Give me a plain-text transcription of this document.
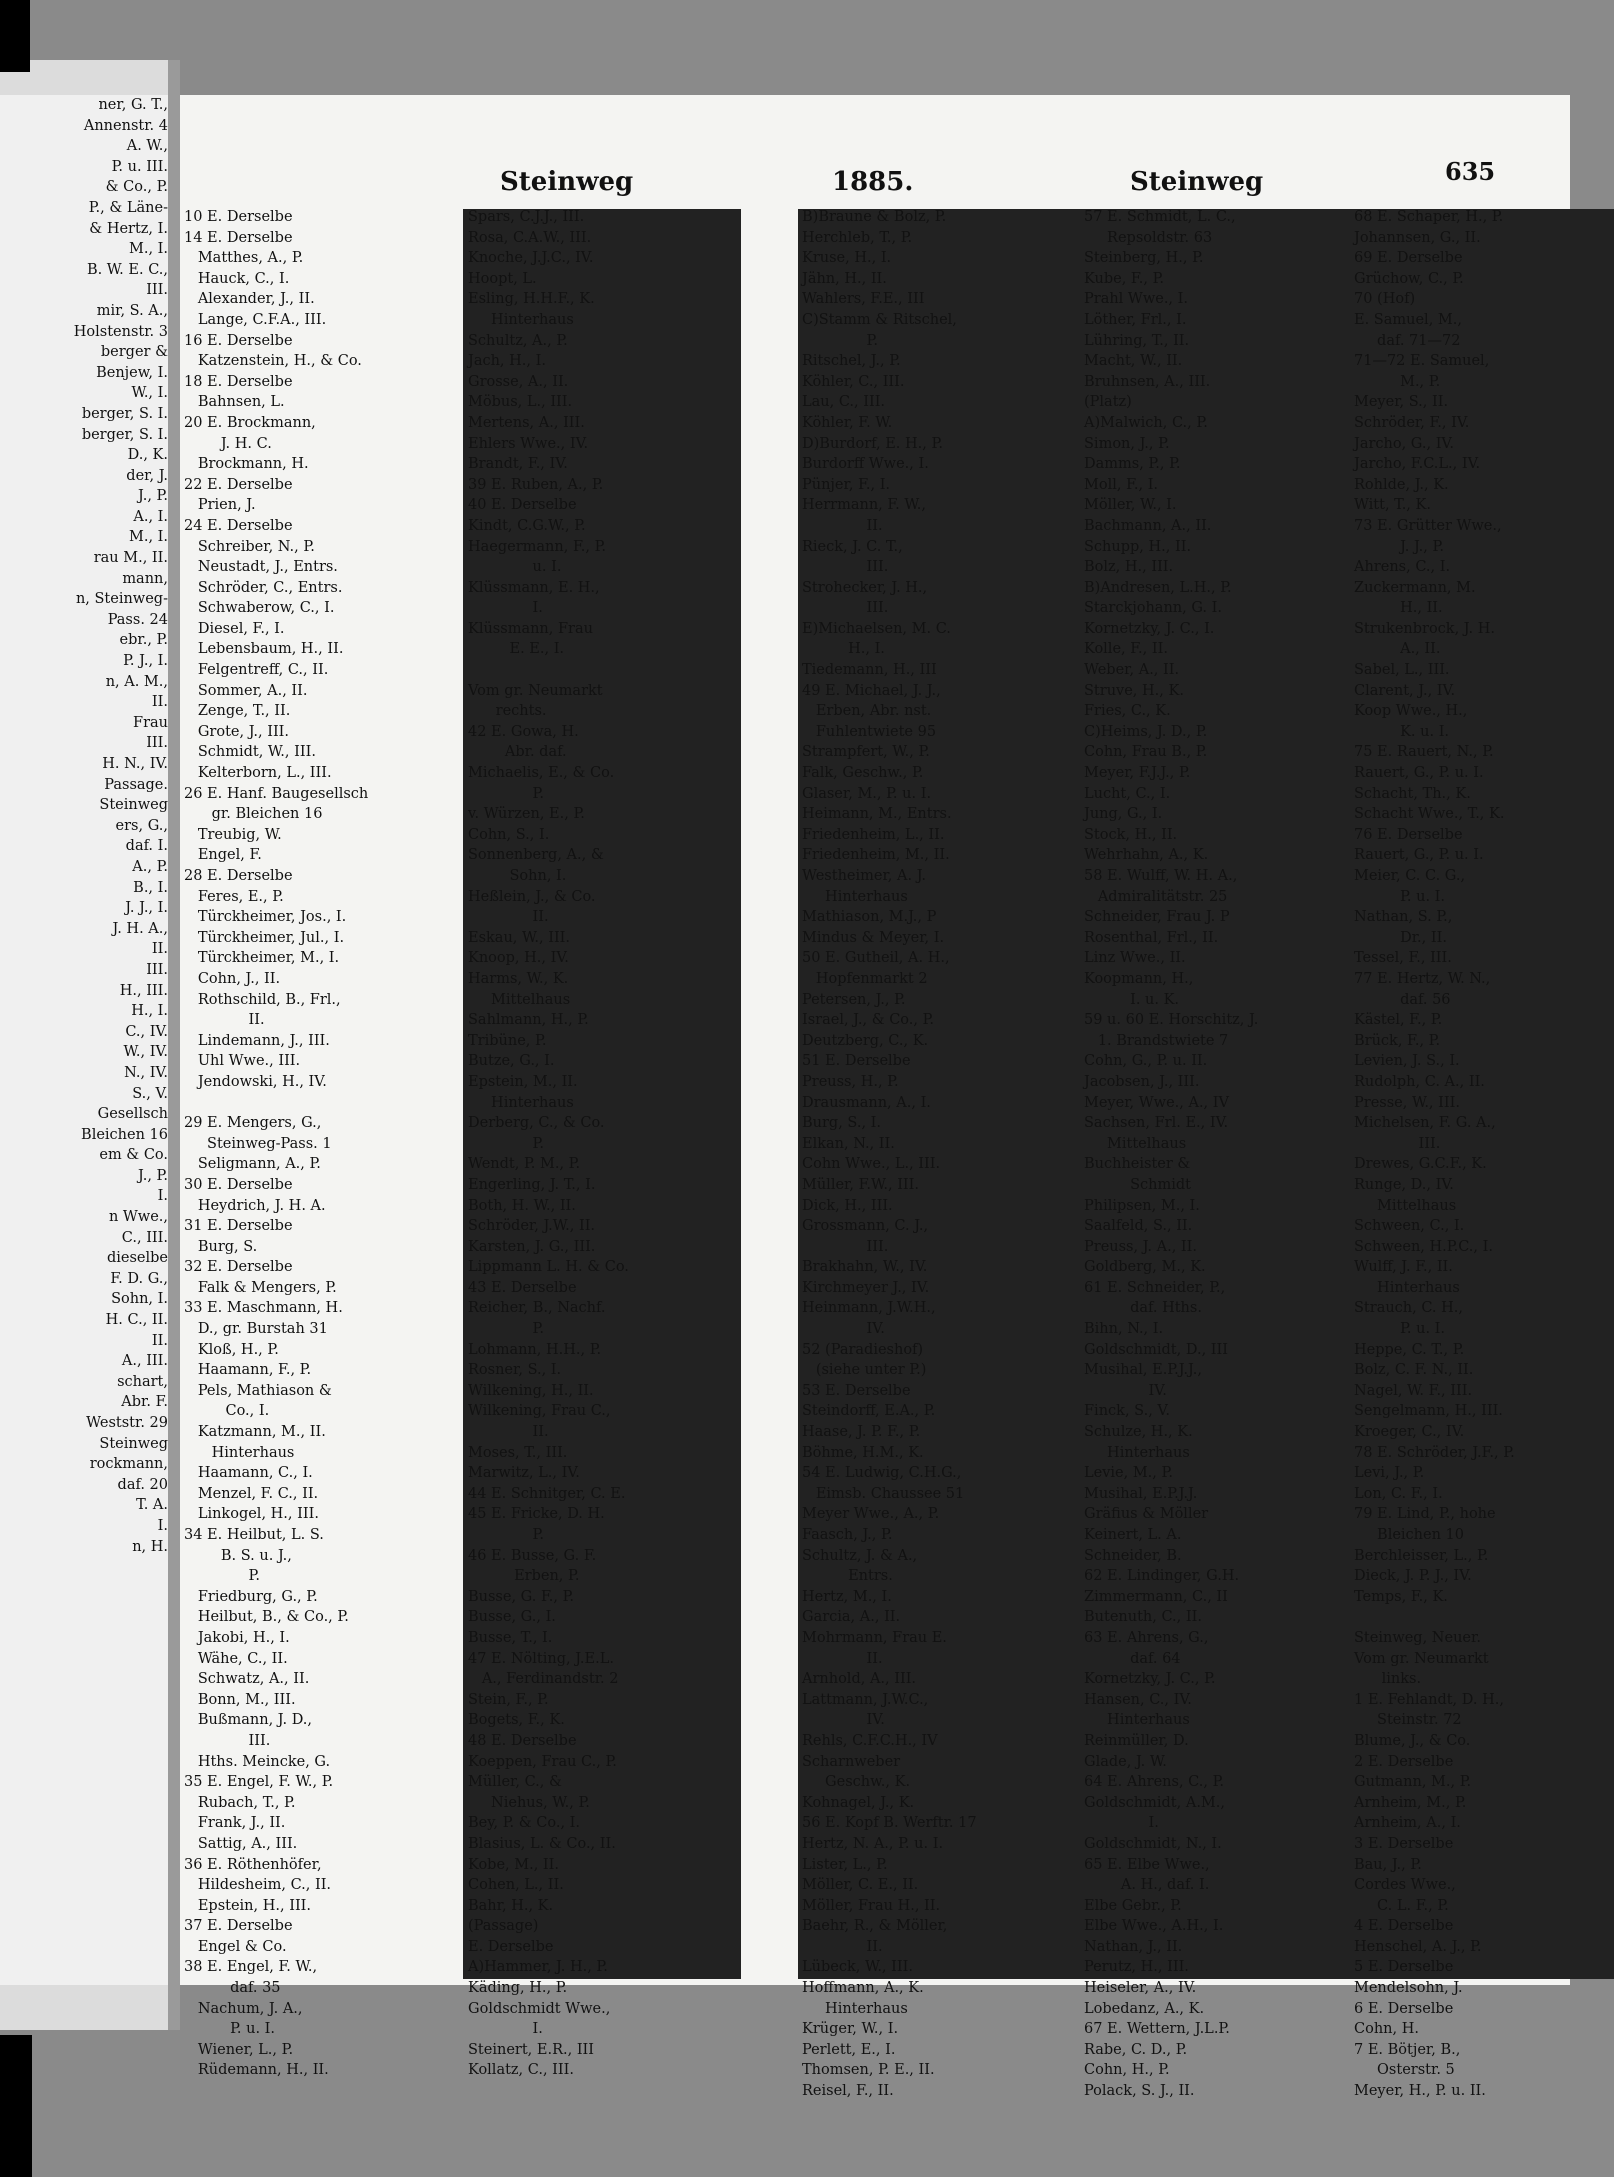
ner, G. T.,
Annenstr. 4
A. W.,
P. u. III.
& Co., P.
P., & Läne-
& Hertz, I.
M., I.
B. W. E. C.,
III.
mir, S. A.,
Holstenstr. 3
berger &
Benjew, I.
W., I.
berger, S. I.
berger, S. I.
D., K.
der, J.
J., P.
A., I.
M., I.
rau M., II.
mann,
n, Steinweg-
Pass. 24
ebr., P.
P. J., I.
n, A. M.,
II.
Frau
III.
H. N., IV.
Passage.
Steinweg
ers, G.,
daf. I.
A., P.
B., I.
J. J., I.
J. H. A.,
II.
III.
H., III.
H., I.
C., IV.
W., IV.
N., IV.
S., V.
Gesellsch
Bleichen 16
em & Co.
J., P.
I.
n Wwe.,
C., III.
dieselbe
F. D. G.,
Sohn, I.
H. C., II.
II.
A., III.
schart,
Abr. F.
Weststr. 29
Steinweg
rockmann,
daf. 20
T. A.
I.
n, H.
Steinweg	1885.	Steinweg	635
10 E. Derselbe
14 E. Derselbe
Matthes, A., P.
Hauck, C., I.
Alexander, J., II.
Lange, C.F.A., III.
16 E. Derselbe
Katzenstein, H., & Co.
18 E. Derselbe
Bahnsen, L.
20 E. Brockmann,
J. H. C.
Brockmann, H.
22 E. Derselbe
Prien, J.
24 E. Derselbe
Schreiber, N., P.
Neustadt, J., Entrs.
Schröder, C., Entrs.
Schwaberow, C., I.
Diesel, F., I.
Lebensbaum, H., II.
Felgentreff, C., II.
Sommer, A., II.
Zenge, T., II.
Grote, J., III.
Schmidt, W., III.
Kelterborn, L., III.
26 E. Hanf. Baugesellsch
gr. Bleichen 16
Treubig, W.
Engel, F.
28 E. Derselbe
Feres, E., P.
Türckheimer, Jos., I.
Türckheimer, Jul., I.
Türckheimer, M., I.
Cohn, J., II.
Rothschild, B., Frl.,
II.
Lindemann, J., III.
Uhl Wwe., III.
Jendowski, H., IV.
29 E. Mengers, G.,
Steinweg-Pass. 1
Seligmann, A., P.
30 E. Derselbe
Heydrich, J. H. A.
31 E. Derselbe
Burg, S.
32 E. Derselbe
Falk & Mengers, P.
33 E. Maschmann, H.
D., gr. Burstah 31
Kloß, H., P.
Haamann, F., P.
Pels, Mathiason &
Co., I.
Katzmann, M., II.
Hinterhaus
Haamann, C., I.
Menzel, F. C., II.
Linkogel, H., III.
34 E. Heilbut, L. S.
B. S. u. J.,
P.
Friedburg, G., P.
Heilbut, B., & Co., P.
Jakobi, H., I.
Wähe, C., II.
Schwatz, A., II.
Bonn, M., III.
Bußmann, J. D.,
III.
Hths. Meincke, G.
35 E. Engel, F. W., P.
Rubach, T., P.
Frank, J., II.
Sattig, A., III.
36 E. Röthenhöfer,
Hildesheim, C., II.
Epstein, H., III.
37 E. Derselbe
Engel & Co.
38 E. Engel, F. W.,
daf. 35
Nachum, J. A.,
P. u. I.
Wiener, L., P.
Rüdemann, H., II.
Spars, C.J.J., III.
Rosa, C.A.W., III.
Knoche, J.J.C., IV.
Hoopt, L.
Esling, H.H.F., K.
Hinterhaus
Schultz, A., P.
Jach, H., I.
Grosse, A., II.
Möbus, L., III.
Mertens, A., III.
Ehlers Wwe., IV.
Brandt, F., IV.
39 E. Ruben, A., P.
40 E. Derselbe
Kindt, C.G.W., P.
Haegermann, F., P.
u. I.
Klüssmann, E. H.,
I.
Klüssmann, Frau
E. E., I.
Vom gr. Neumarkt
rechts.
42 E. Gowa, H.
Abr. daf.
Michaelis, E., & Co.
P.
v. Würzen, E., P.
Cohn, S., I.
Sonnenberg, A., &
Sohn, I.
Heßlein, J., & Co.
II.
Eskau, W., III.
Knoop, H., IV.
Harms, W., K.
Mittelhaus
Sahlmann, H., P.
Tribüne, P.
Butze, G., I.
Epstein, M., II.
Hinterhaus
Derberg, C., & Co.
P.
Wendt, P. M., P.
Engerling, J. T., I.
Both, H. W., II.
Schröder, J.W., II.
Karsten, J. G., III.
Lippmann L. H. & Co.
43 E. Derselbe
Reicher, B., Nachf.
P.
Lohmann, H.H., P.
Rosner, S., I.
Wilkening, H., II.
Wilkening, Frau C.,
II.
Moses, T., III.
Marwitz, L., IV.
44 E. Schnitger, C. E.
45 E. Fricke, D. H.
P.
46 E. Busse, G. F.
Erben, P.
Busse, G. F., P.
Busse, G., I.
Busse, T., I.
47 E. Nölting, J.E.L.
A., Ferdinandstr. 2
Stein, F., P.
Bogets, F., K.
48 E. Derselbe
Koeppen, Frau C., P.
Müller, C., &
Niehus, W., P.
Bey, P. & Co., I.
Blasius, L. & Co., II.
Kobe, M., II.
Cohen, L., II.
Bahr, H., K.
(Passage)
E. Derselbe
A)Hammer, J. H., P.
Käding, H., P.
Goldschmidt Wwe.,
I.
Steinert, E.R., III
Kollatz, C., III.
B)Braune & Bolz, P.
Herchleb, T., P.
Kruse, H., I.
Jähn, H., II.
Wahlers, F.E., III
C)Stamm & Ritschel,
P.
Ritschel, J., P.
Köhler, C., III.
Lau, C., III.
Köhler, F. W.
D)Burdorf, E. H., P.
Burdorff Wwe., I.
Pünjer, F., I.
Herrmann, F. W.,
II.
Rieck, J. C. T.,
III.
Strohecker, J. H.,
III.
E)Michaelsen, M. C.
H., I.
Tiedemann, H., III
49 E. Michael, J. J.,
Erben, Abr. nst.
Fuhlentwiete 95
Strampfert, W., P.
Falk, Geschw., P.
Glaser, M., P. u. I.
Heimann, M., Entrs.
Friedenheim, L., II.
Friedenheim, M., II.
Westheimer, A. J.
Hinterhaus
Mathiason, M.J., P
Mindus & Meyer, I.
50 E. Gutheil, A. H.,
Hopfenmarkt 2
Petersen, J., P.
Israel, J., & Co., P.
Deutzberg, C., K.
51 E. Derselbe
Preuss, H., P.
Drausmann, A., I.
Burg, S., I.
Elkan, N., II.
Cohn Wwe., L., III.
Müller, F.W., III.
Dick, H., III.
Grossmann, C. J.,
III.
Brakhahn, W., IV.
Kirchmeyer J., IV.
Heinmann, J.W.H.,
IV.
52 (Paradieshof)
(siehe unter P.)
53 E. Derselbe
Steindorff, E.A., P.
Haase, J. P. F., P.
Böhme, H.M., K.
54 E. Ludwig, C.H.G.,
Eimsb. Chaussee 51
Meyer Wwe., A., P.
Faasch, J., P.
Schultz, J. & A.,
Entrs.
Hertz, M., I.
Garcia, A., II.
Mohrmann, Frau E.
II.
Arnhold, A., III.
Lattmann, J.W.C.,
IV.
Rehls, C.F.C.H., IV
Scharnweber
Geschw., K.
Kohnagel, J., K.
56 E. Kopf B. Werftr. 17
Hertz, N. A., P. u. I.
Lister, L., P.
Möller, C. E., II.
Möller, Frau H., II.
Baehr, R., & Möller,
II.
Lübeck, W., III.
Hoffmann, A., K.
Hinterhaus
Krüger, W., I.
Perlett, E., I.
Thomsen, P. E., II.
Reisel, F., II.
57 E. Schmidt, L. C.,
Repsoldstr. 63
Steinberg, H., P.
Kube, F., P.
Prahl Wwe., I.
Löther, Frl., I.
Lühring, T., II.
Macht, W., II.
Bruhnsen, A., III.
(Platz)
A)Malwich, C., P.
Simon, J., P.
Damms, P., P.
Moll, F., I.
Möller, W., I.
Bachmann, A., II.
Schupp, H., II.
Bolz, H., III.
B)Andresen, L.H., P.
Starckjohann, G. I.
Kornetzky, J. C., I.
Kolle, F., II.
Weber, A., II.
Struve, H., K.
Fries, C., K.
C)Heims, J. D., P.
Cohn, Frau B., P.
Meyer, F.J.J., P.
Lucht, C., I.
Jung, G., I.
Stock, H., II.
Wehrhahn, A., K.
58 E. Wulff, W. H. A.,
Admiralitätstr. 25
Schneider, Frau J. P
Rosenthal, Frl., II.
Linz Wwe., II.
Koopmann, H.,
I. u. K.
59 u. 60 E. Horschitz, J.
1. Brandstwiete 7
Cohn, G., P. u. II.
Jacobsen, J., III.
Meyer, Wwe., A., IV
Sachsen, Frl. E., IV.
Mittelhaus
Buchheister &
Schmidt
Philipsen, M., I.
Saalfeld, S., II.
Preuss, J. A., II.
Goldberg, M., K.
61 E. Schneider, P.,
daf. Hths.
Bihn, N., I.
Goldschmidt, D., III
Musihal, E.P.J.J.,
IV.
Finck, S., V.
Schulze, H., K.
Hinterhaus
Levie, M., P.
Musihal, E.P.J.J.
Gräfius & Möller
Keinert, L. A.
Schneider, B.
62 E. Lindinger, G.H.
Zimmermann, C., II
Butenuth, C., II.
63 E. Ahrens, G.,
daf. 64
Kornetzky, J. C., P.
Hansen, C., IV.
Hinterhaus
Reinmüller, D.
Glade, J. W.
64 E. Ahrens, C., P.
Goldschmidt, A.M.,
I.
Goldschmidt, N., I.
65 E. Elbe Wwe.,
A. H., daf. I.
Elbe Gebr., P.
Elbe Wwe., A.H., I.
Nathan, J., II.
Perutz, H., III.
Heiseler, A., IV.
Lobedanz, A., K.
67 E. Wettern, J.L.P.
Rabe, C. D., P.
Cohn, H., P.
Polack, S. J., II.
68 E. Schaper, H., P.
Johannsen, G., II.
69 E. Derselbe
Grüchow, C., P.
70 (Hof)
E. Samuel, M.,
daf. 71—72
71—72 E. Samuel,
M., P.
Meyer, S., II.
Schröder, F., IV.
Jarcho, G., IV.
Jarcho, F.C.L., IV.
Rohlde, J., K.
Witt, T., K.
73 E. Grütter Wwe.,
J. J., P.
Ahrens, C., I.
Zuckermann, M.
H., II.
Strukenbrock, J. H.
A., II.
Sabel, L., III.
Clarent, J., IV.
Koop Wwe., H.,
K. u. I.
75 E. Rauert, N., P.
Rauert, G., P. u. I.
Schacht, Th., K.
Schacht Wwe., T., K.
76 E. Derselbe
Rauert, G., P. u. I.
Meier, C. C. G.,
P. u. I.
Nathan, S. P.,
Dr., II.
Tessel, F., III.
77 E. Hertz, W. N.,
daf. 56
Kästel, F., P.
Brück, F., P.
Levien, J. S., I.
Rudolph, C. A., II.
Presse, W., III.
Michelsen, F. G. A.,
III.
Drewes, G.C.F., K.
Runge, D., IV.
Mittelhaus
Schween, C., I.
Schween, H.P.C., I.
Wulff, J. F., II.
Hinterhaus
Strauch, C. H.,
P. u. I.
Heppe, C. T., P.
Bolz, C. F. N., II.
Nagel, W. F., III.
Sengelmann, H., III.
Kroeger, C., IV.
78 E. Schröder, J.F., P.
Levi, J., P.
Lon, C. F., I.
79 E. Lind, P., hohe
Bleichen 10
Berchleisser, L., P.
Dieck, J. P. J., IV.
Temps, F., K.
Steinweg, Neuer.
Vom gr. Neumarkt
links.
1 E. Fehlandt, D. H.,
Steinstr. 72
Blume, J., & Co.
2 E. Derselbe
Gutmann, M., P.
Arnheim, M., P.
Arnheim, A., I.
3 E. Derselbe
Bau, J., P.
Cordes Wwe.,
C. L. F., P.
4 E. Derselbe
Henschel, A. J., P.
5 E. Derselbe
Mendelsohn, J.
6 E. Derselbe
Cohn, H.
7 E. Bötjer, B.,
Osterstr. 5
Meyer, H., P. u. II.
